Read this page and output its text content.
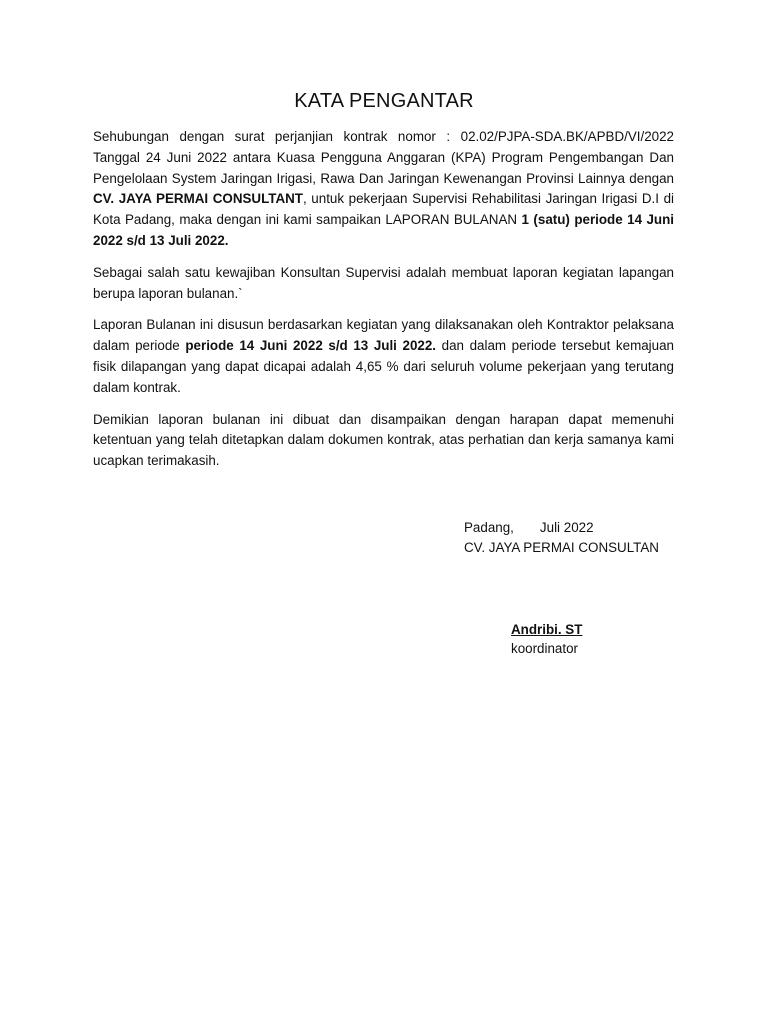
KATA PENGANTAR

Sehubungan dengan surat perjanjian kontrak nomor : 02.02/PJPA-SDA.BK/APBD/VI/2022 Tanggal 24 Juni 2022 antara Kuasa Pengguna Anggaran (KPA) Program Pengembangan Dan Pengelolaan System Jaringan Irigasi, Rawa Dan Jaringan Kewenangan Provinsi Lainnya dengan CV. JAYA PERMAI CONSULTANT, untuk pekerjaan Supervisi Rehabilitasi Jaringan Irigasi D.I di Kota Padang, maka dengan ini kami sampaikan LAPORAN BULANAN 1 (satu) periode 14 Juni 2022 s/d 13 Juli 2022.

Sebagai salah satu kewajiban Konsultan Supervisi adalah membuat laporan kegiatan lapangan berupa laporan bulanan.`

Laporan Bulanan ini disusun berdasarkan kegiatan yang dilaksanakan oleh Kontraktor pelaksana dalam periode periode 14 Juni 2022 s/d 13 Juli 2022. dan dalam periode tersebut kemajuan fisik dilapangan yang dapat dicapai adalah 4,65 % dari seluruh volume pekerjaan yang terutang dalam kontrak.

Demikian laporan bulanan ini dibuat dan disampaikan dengan harapan dapat memenuhi ketentuan yang telah ditetapkan dalam dokumen kontrak, atas perhatian dan kerja samanya kami ucapkan terimakasih.

Padang,       Juli 2022
CV. JAYA PERMAI CONSULTAN
Andribi. ST
koordinator
